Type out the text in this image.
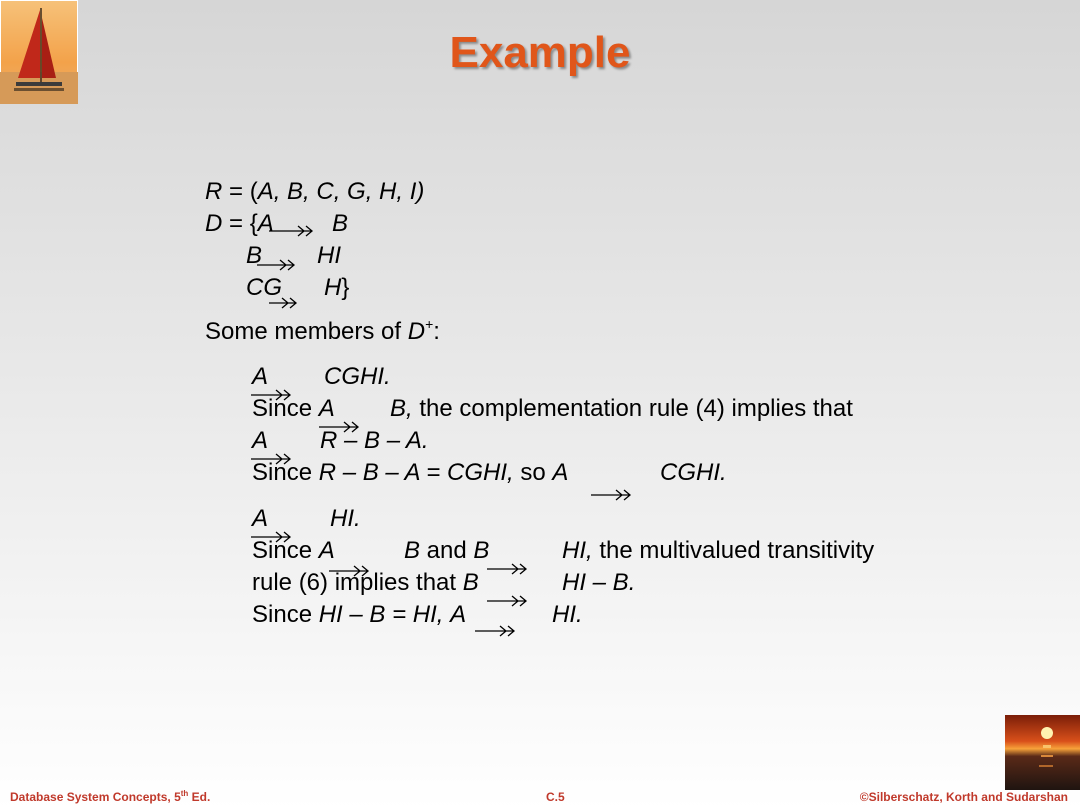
Example
R = (A, B, C, G, H, I)
D = {A B
B HI
CG H}
Some members of D+:
A CGHI.
Since A B, the complementation rule (4) implies that
A R – B – A.
Since R – B – A = CGHI, so A	CGHI.
A	HI.
Since A	B and B	HI, the multivalued transitivity
rule (6) implies that B	HI – B.
Since HI – B = HI, A	HI.
Database System Concepts, 5th Ed.	C.5	©Silberschatz, Korth and Sudarshan
